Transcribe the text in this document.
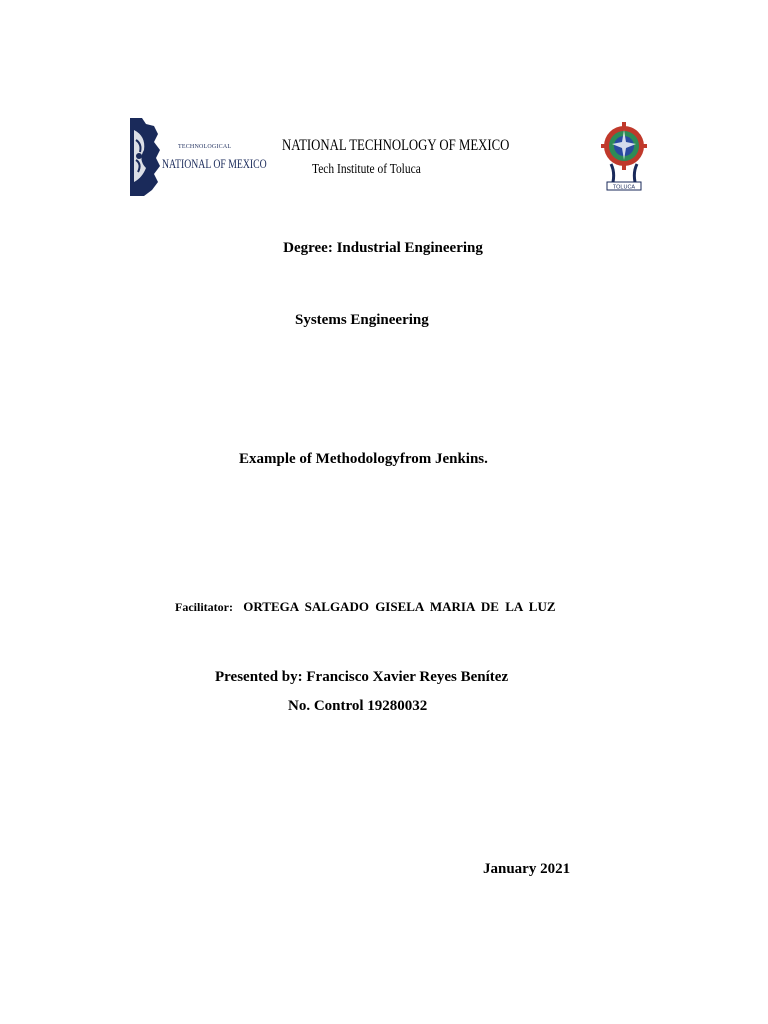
TECHNOLOGICAL
NATIONAL OF MEXICO
NATIONAL TECHNOLOGY OF MEXICO
Tech Institute of Toluca
TOLUCA
Degree: Industrial Engineering
Systems Engineering
Example of Methodologyfrom Jenkins.
Facilitator: ORTEGA SALGADO GISELA MARIA DE LA LUZ
Presented by: Francisco Xavier Reyes Benítez
No. Control 19280032
January 2021
